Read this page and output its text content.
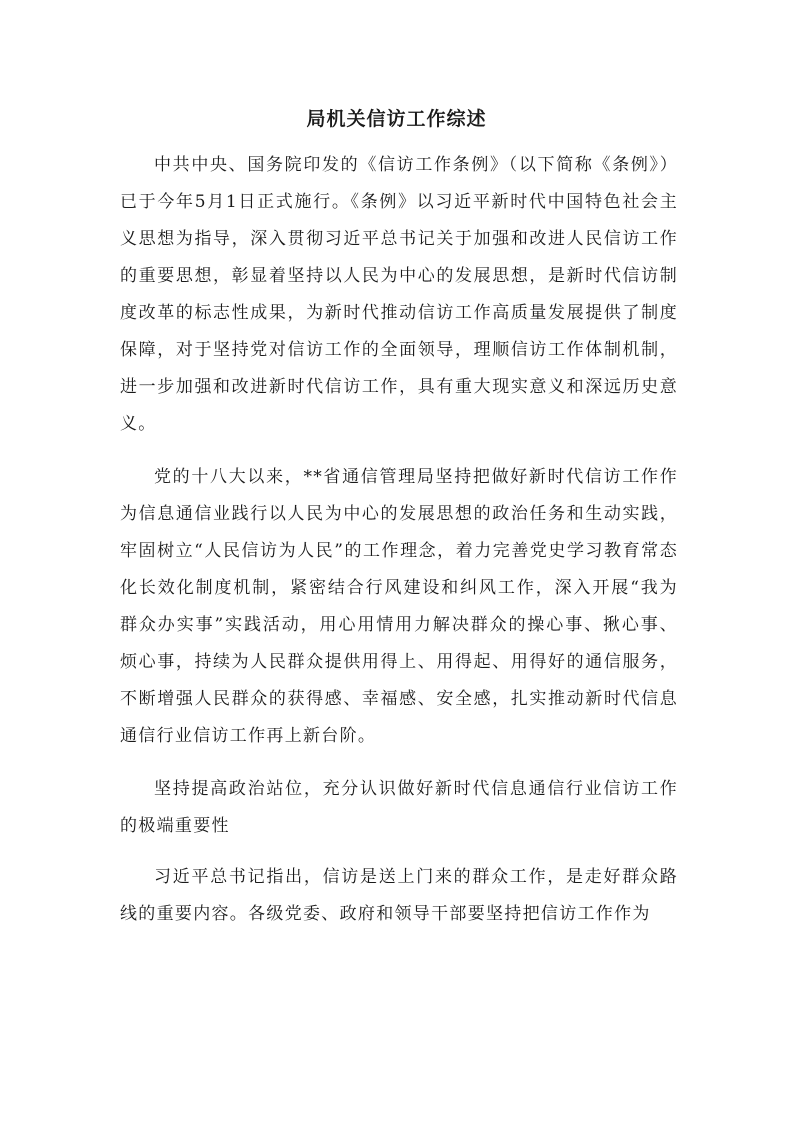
局机关信访工作综述

中共中央、国务院印发的《信访工作条例》（以下简称《条例》）已于今年5月1日正式施行。《条例》以习近平新时代中国特色社会主义思想为指导，深入贯彻习近平总书记关于加强和改进人民信访工作的重要思想，彰显着坚持以人民为中心的发展思想，是新时代信访制度改革的标志性成果，为新时代推动信访工作高质量发展提供了制度保障，对于坚持党对信访工作的全面领导，理顺信访工作体制机制，进一步加强和改进新时代信访工作，具有重大现实意义和深远历史意义。

党的十八大以来，**省通信管理局坚持把做好新时代信访工作作为信息通信业践行以人民为中心的发展思想的政治任务和生动实践，牢固树立“人民信访为人民”的工作理念，着力完善党史学习教育常态化长效化制度机制，紧密结合行风建设和纠风工作，深入开展“我为群众办实事”实践活动，用心用情用力解决群众的操心事、揪心事、烦心事，持续为人民群众提供用得上、用得起、用得好的通信服务，不断增强人民群众的获得感、幸福感、安全感，扎实推动新时代信息通信行业信访工作再上新台阶。

坚持提高政治站位，充分认识做好新时代信息通信行业信访工作的极端重要性

习近平总书记指出，信访是送上门来的群众工作，是走好群众路线的重要内容。各级党委、政府和领导干部要坚持把信访工作作为
